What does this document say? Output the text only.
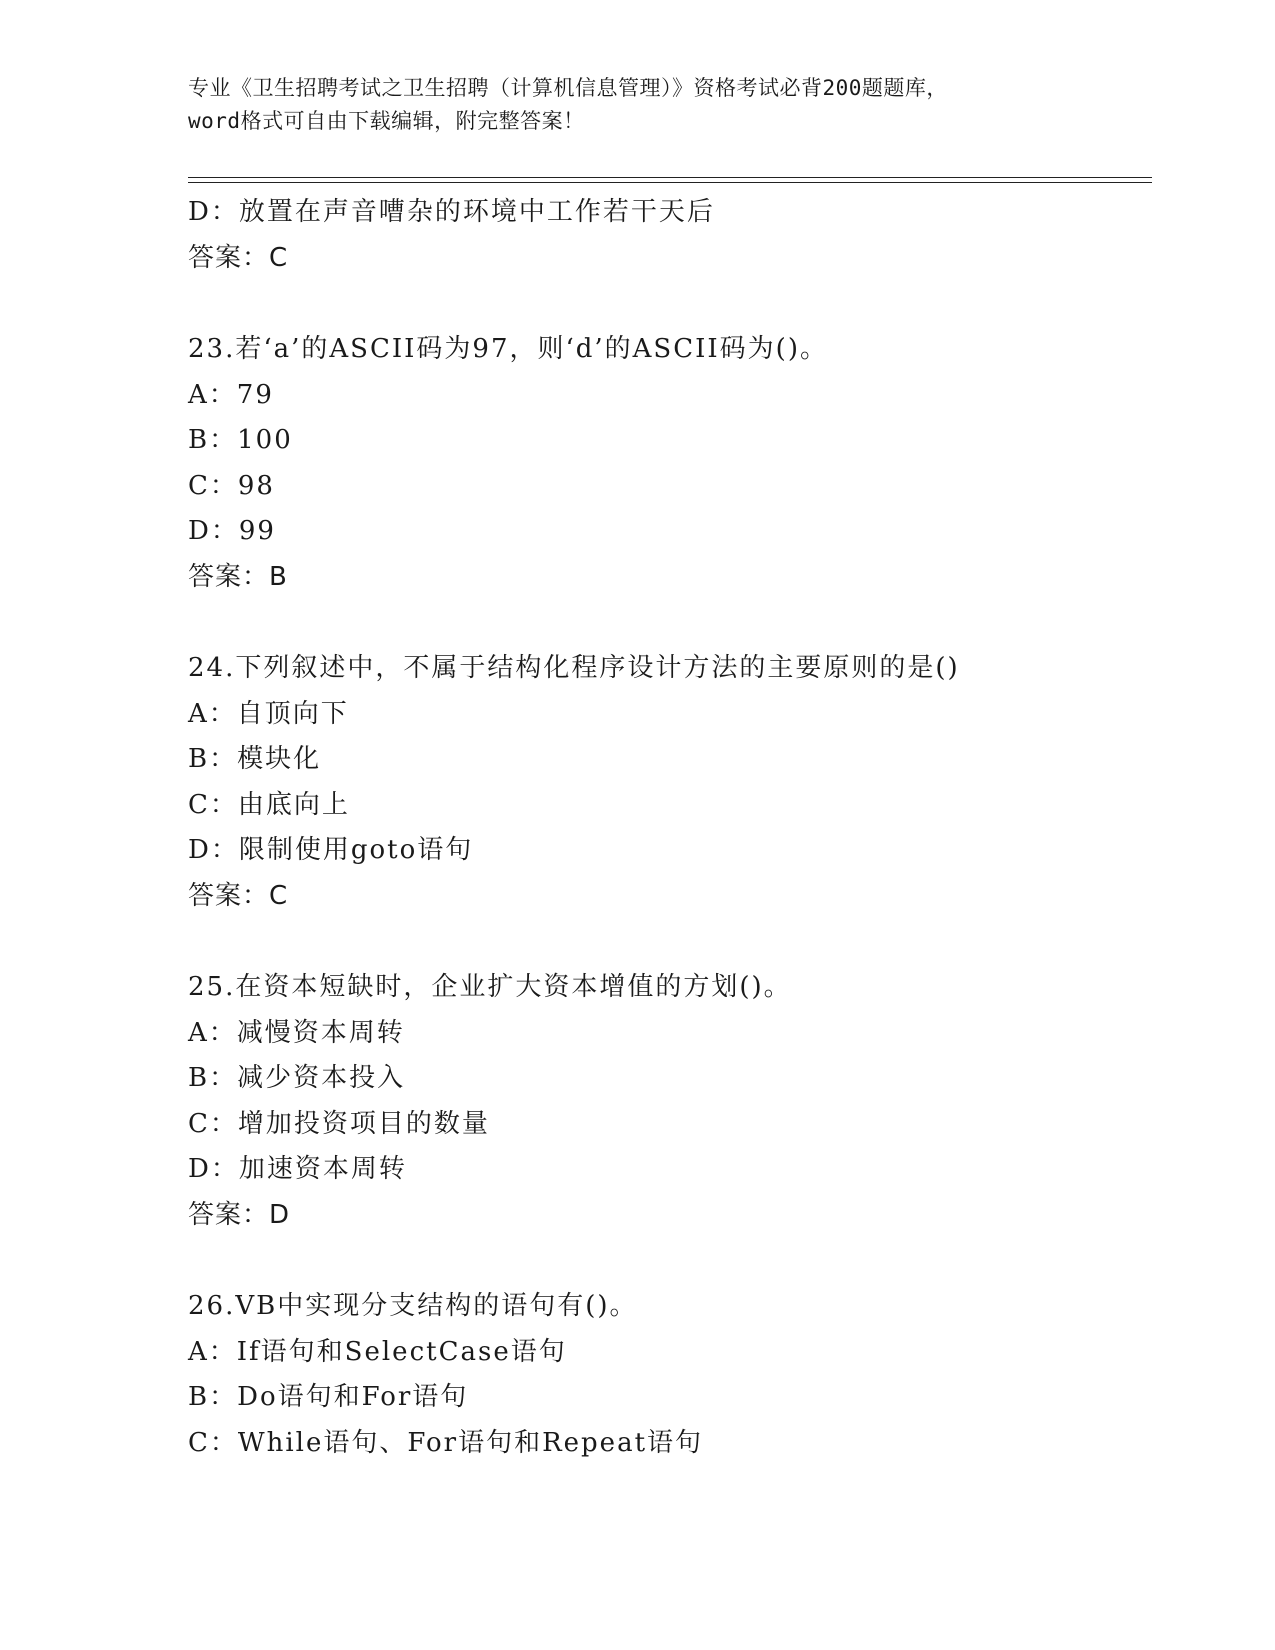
专业《卫生招聘考试之卫生招聘（计算机信息管理）》资格考试必背200题题库，
word格式可自由下载编辑，附完整答案！
D：放置在声音嘈杂的环境中工作若干天后
答案：C
23.若‘a’的ASCII码为97，则‘d’的ASCII码为()。
A：79
B：100
C：98
D：99
答案：B
24.下列叙述中，不属于结构化程序设计方法的主要原则的是()
A：自顶向下
B：模块化
C：由底向上
D：限制使用goto语句
答案：C
25.在资本短缺时，企业扩大资本增值的方划()。
A：减慢资本周转
B：减少资本投入
C：增加投资项目的数量
D：加速资本周转
答案：D
26.VB中实现分支结构的语句有()。
A：If语句和SelectCase语句
B：Do语句和For语句
C：While语句、For语句和Repeat语句
